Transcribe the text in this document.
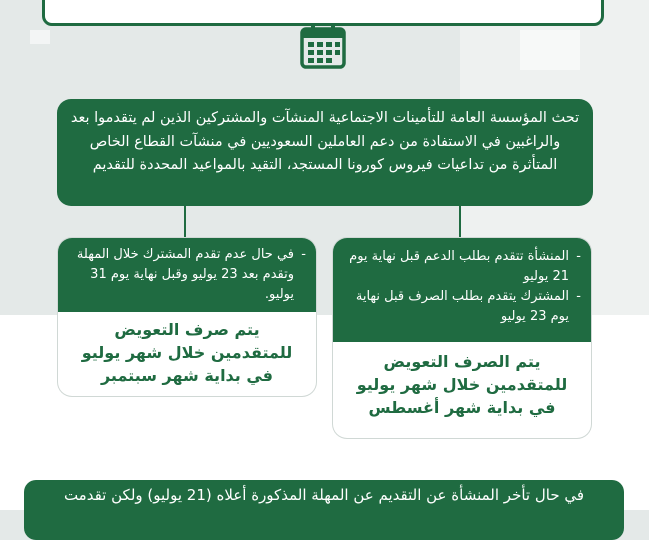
تحث المؤسسة العامة للتأمينات الاجتماعية المنشآت والمشتركين الذين لم يتقدموا بعد والراغبين في الاستفادة من دعم العاملين السعوديين في منشآت القطاع الخاص المتأثرة من تداعيات فيروس كورونا المستجد، التقيد بالمواعيد المحددة للتقديم
- المنشأة تتقدم بطلب الدعم قبل نهاية يوم 21 يوليو
- المشترك يتقدم بطلب الصرف قبل نهاية يوم 23 يوليو
يتم الصرف التعويض للمتقدمين خلال شهر يوليو في بداية شهر أغسطس
- في حال عدم تقدم المشترك خلال المهلة وتقدم بعد 23 يوليو وقبل نهاية يوم 31 يوليو.
يتم صرف التعويض للمتقدمين خلال شهر يوليو في بداية شهر سبتمبر
في حال تأخر المنشأة عن التقديم عن المهلة المذكورة أعلاه (21 يوليو) ولكن تقدمت
